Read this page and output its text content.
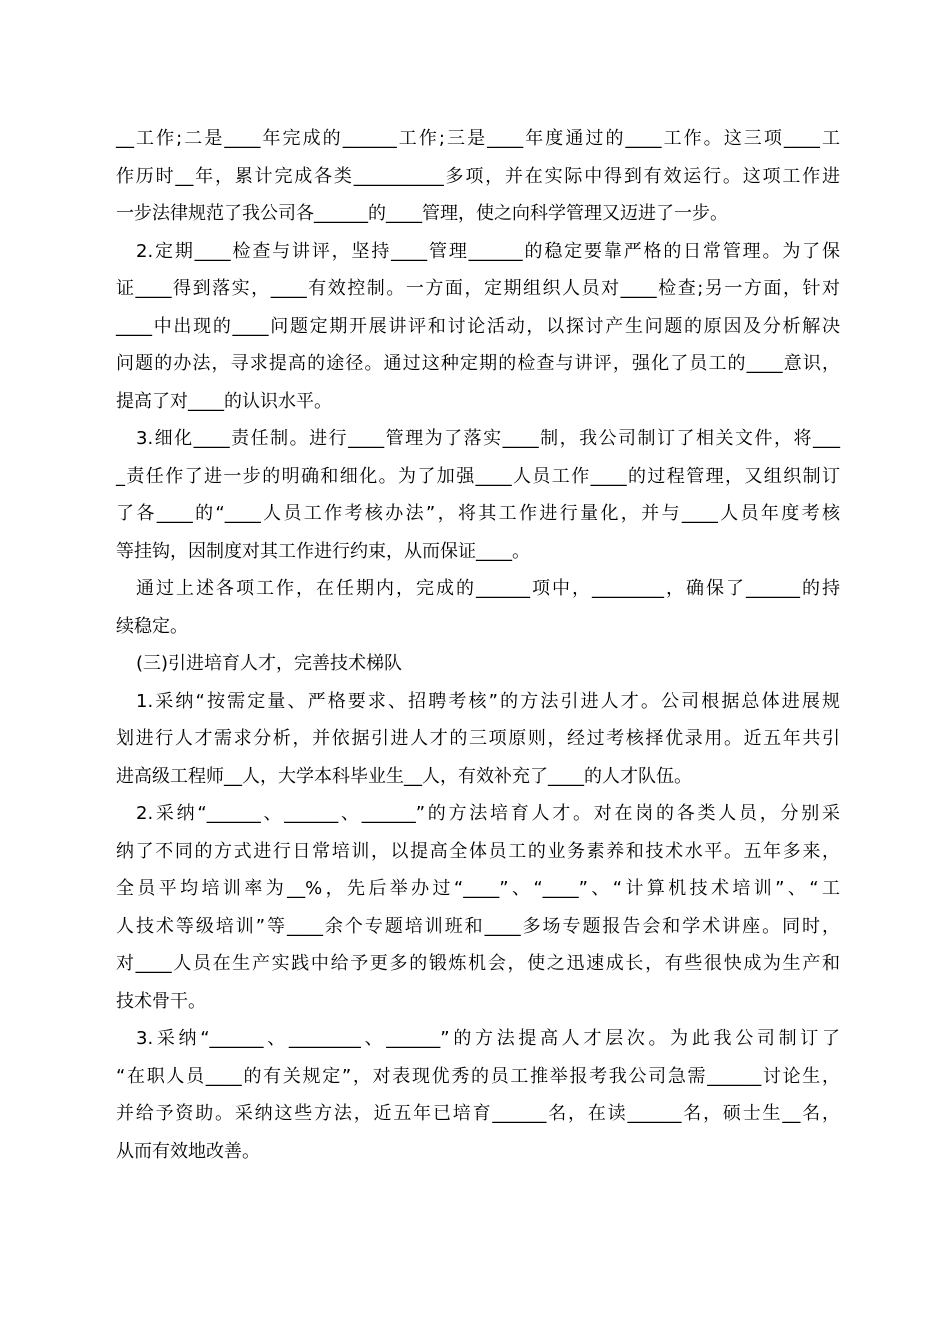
__工作;二是____年完成的______工作;三是____年度通过的____工作。这三项____工
作历时__年，累计完成各类__________多项，并在实际中得到有效运行。这项工作进
一步法律规范了我公司各______的____管理，使之向科学管理又迈进了一步。
2.定期____检查与讲评，坚持____管理______的稳定要靠严格的日常管理。为了保
证____得到落实，____有效控制。一方面，定期组织人员对____检查;另一方面，针对
____中出现的____问题定期开展讲评和讨论活动，以探讨产生问题的原因及分析解决
问题的办法，寻求提高的途径。通过这种定期的检查与讲评，强化了员工的____意识，
提高了对____的认识水平。
3.细化____责任制。进行____管理为了落实____制，我公司制订了相关文件，将___
_责任作了进一步的明确和细化。为了加强____人员工作____的过程管理，又组织制订
了各____的“____人员工作考核办法”，将其工作进行量化，并与____人员年度考核
等挂钩，因制度对其工作进行约束，从而保证____。
通过上述各项工作，在任期内，完成的______项中，________，确保了______的持
续稳定。
(三)引进培育人才，完善技术梯队
1.采纳“按需定量、严格要求、招聘考核”的方法引进人才。公司根据总体进展规
划进行人才需求分析，并依据引进人才的三项原则，经过考核择优录用。近五年共引
进高级工程师__人，大学本科毕业生__人，有效补充了____的人才队伍。
2.采纳“______、______、______”的方法培育人才。对在岗的各类人员，分别采
纳了不同的方式进行日常培训，以提高全体员工的业务素养和技术水平。五年多来，
全员平均培训率为__%，先后举办过“____”、“____”、“计算机技术培训”、“工
人技术等级培训”等____余个专题培训班和____多场专题报告会和学术讲座。同时，
对____人员在生产实践中给予更多的锻炼机会，使之迅速成长，有些很快成为生产和
技术骨干。
3.采纳“______、________、______”的方法提高人才层次。为此我公司制订了
“在职人员____的有关规定”，对表现优秀的员工推举报考我公司急需______讨论生，
并给予资助。采纳这些方法，近五年已培育______名，在读______名，硕士生__名，
从而有效地改善。
